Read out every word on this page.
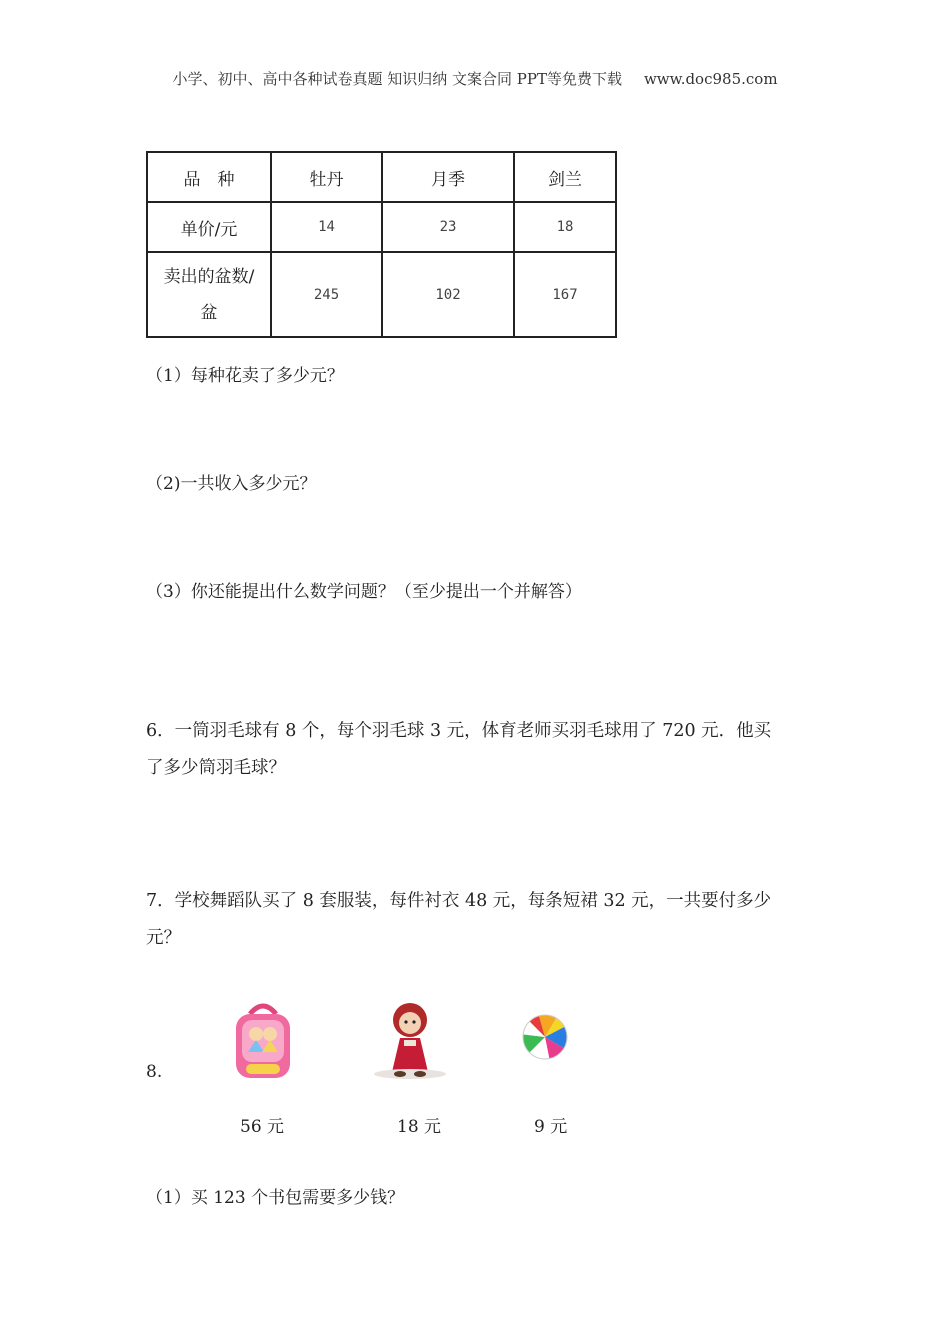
小学、初中、高中各种试卷真题 知识归纳 文案合同 PPT等免费下载 www.doc985.com
品　种	牡丹	月季	剑兰
单价/元	14	23	18

卖出的盆数/
盆	245	102	167
（1）每种花卖了多少元？
（2)一共收入多少元？
（3）你还能提出什么数学问题？（至少提出一个并解答）
6．一筒羽毛球有 8 个，每个羽毛球 3 元，体育老师买羽毛球用了 720 元．他买
了多少筒羽毛球？
7．学校舞蹈队买了 8 套服装，每件衬衣 48 元，每条短裙 32 元，一共要付多少
元？
8.
56 元	18 元	9 元
（1）买 123 个书包需要多少钱？
